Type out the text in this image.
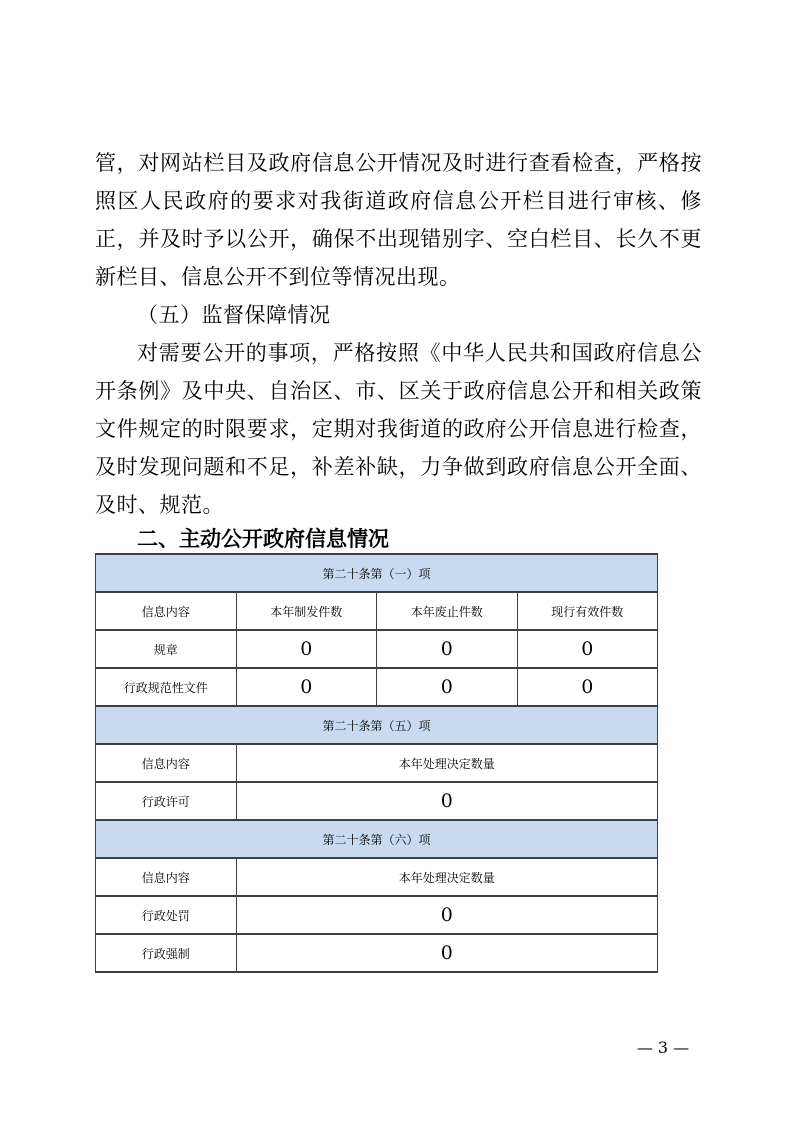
管，对网站栏目及政府信息公开情况及时进行查看检查，严格按照区人民政府的要求对我街道政府信息公开栏目进行审核、修正，并及时予以公开，确保不出现错别字、空白栏目、长久不更新栏目、信息公开不到位等情况出现。

（五）监督保障情况

对需要公开的事项，严格按照《中华人民共和国政府信息公开条例》及中央、自治区、市、区关于政府信息公开和相关政策文件规定的时限要求，定期对我街道的政府公开信息进行检查，及时发现问题和不足，补差补缺，力争做到政府信息公开全面、及时、规范。

二、主动公开政府信息情况
第二十条第（一）项			
信息内容	本年制发件数	本年废止件数	现行有效件数
规章	0	0	0
行政规范性文件	0	0	0
第二十条第（五）项			
信息内容	本年处理决定数量		
行政许可	0		
第二十条第（六）项			
信息内容	本年处理决定数量		
行政处罚	0		
行政强制	0		
— 3 —
